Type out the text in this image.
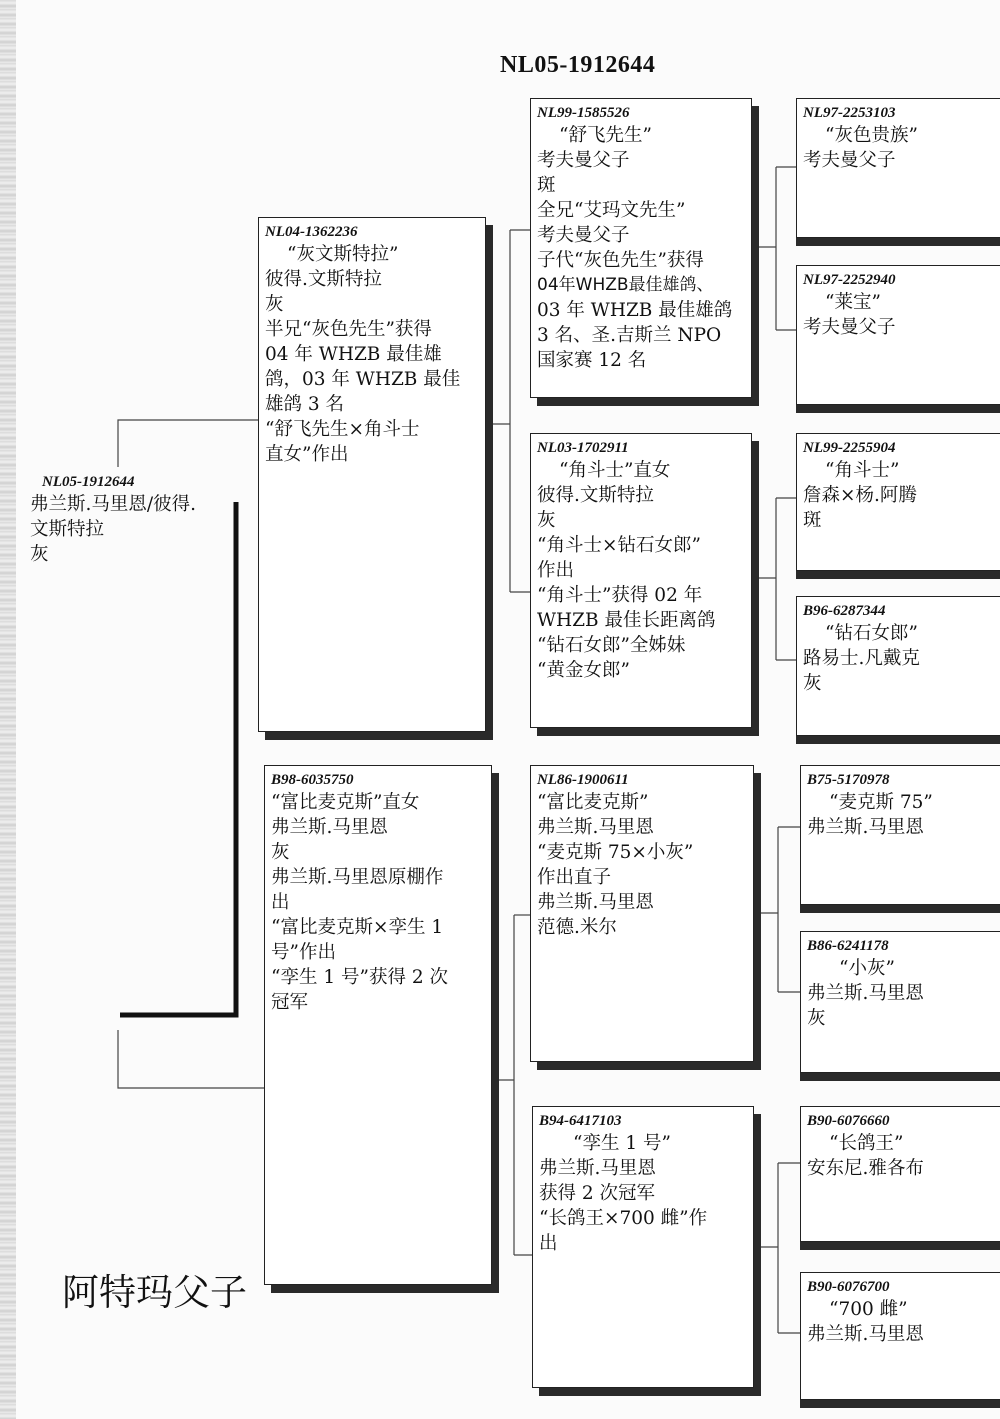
NL05-1912644
NL05-1912644
弗兰斯.马里恩/彼得.
文斯特拉
灰
NL04-1362236
“灰文斯特拉”
彼得.文斯特拉
灰
半兄“灰色先生”获得
04 年 WHZB 最佳雄
鸽，03 年 WHZB 最佳
雄鸽 3 名
“舒飞先生×角斗士
直女”作出
B98-6035750
“富比麦克斯”直女
弗兰斯.马里恩
灰
弗兰斯.马里恩原棚作
出
“富比麦克斯×孪生 1
号”作出
“孪生 1 号”获得 2 次
冠军
NL99-1585526
“舒飞先生”
考夫曼父子
斑
全兄“艾玛文先生”
考夫曼父子
子代“灰色先生”获得
04年WHZB最佳雄鸽、
03 年 WHZB 最佳雄鸽
3 名、圣.吉斯兰 NPO
国家赛 12 名
NL03-1702911
“角斗士”直女
彼得.文斯特拉
灰
“角斗士×钻石女郎”
作出
“角斗士”获得 02 年
WHZB 最佳长距离鸽
“钻石女郎”全姊妹
“黄金女郎”
NL86-1900611
“富比麦克斯”
弗兰斯.马里恩
“麦克斯 75×小灰”
作出直子
弗兰斯.马里恩
范德.米尔
B94-6417103
“孪生 1 号”
弗兰斯.马里恩
获得 2 次冠军
“长鸽王×700 雌”作
出
NL97-2253103
“灰色贵族”
考夫曼父子
NL97-2252940
“莱宝”
考夫曼父子
NL99-2255904
“角斗士”
詹森×杨.阿腾
斑
B96-6287344
“钻石女郎”
路易士.凡戴克
灰
B75-5170978
“麦克斯 75”
弗兰斯.马里恩
B86-6241178
“小灰”
弗兰斯.马里恩
灰
B90-6076660
“长鸽王”
安东尼.雅各布
B90-6076700
“700 雌”
弗兰斯.马里恩
阿特玛父子
